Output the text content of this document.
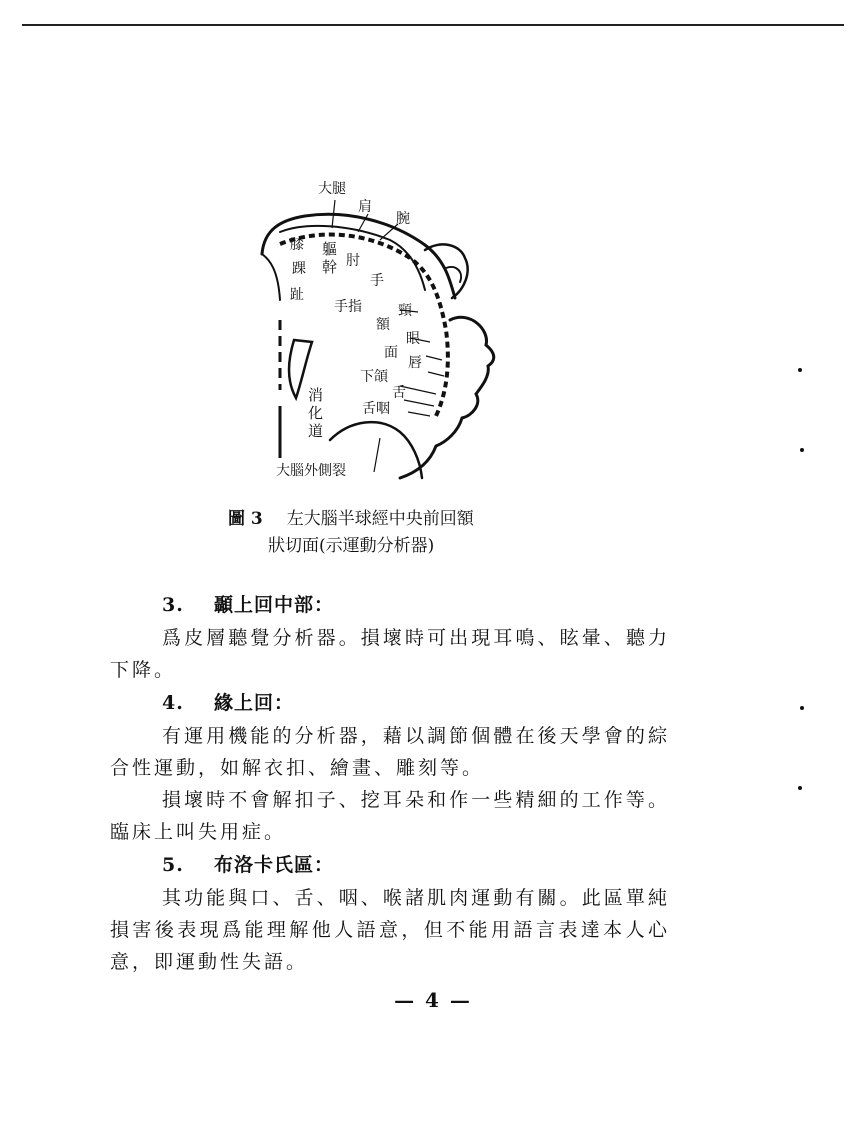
大腿
肩
腕
膝 軀幹 肘
踝
手
趾
手指	頸
額
眼
面
唇
下頜
舌
舌咽
消化道
大腦外側裂
圖 3 左大腦半球經中央前回額
狀切面(示運動分析器)
3. 顳上回中部：

爲皮層聽覺分析器。損壞時可出現耳鳴、眩暈、聽力下降。

4. 緣上回：

有運用機能的分析器，藉以調節個體在後天學會的綜合性運動，如解衣扣、繪畫、雕刻等。

損壞時不會解扣子、挖耳朵和作一些精細的工作等。臨床上叫失用症。

5. 布洛卡氏區：

其功能與口、舌、咽、喉諸肌肉運動有關。此區單純損害後表現爲能理解他人語意，但不能用語言表達本人心意，即運動性失語。

— 4 —
